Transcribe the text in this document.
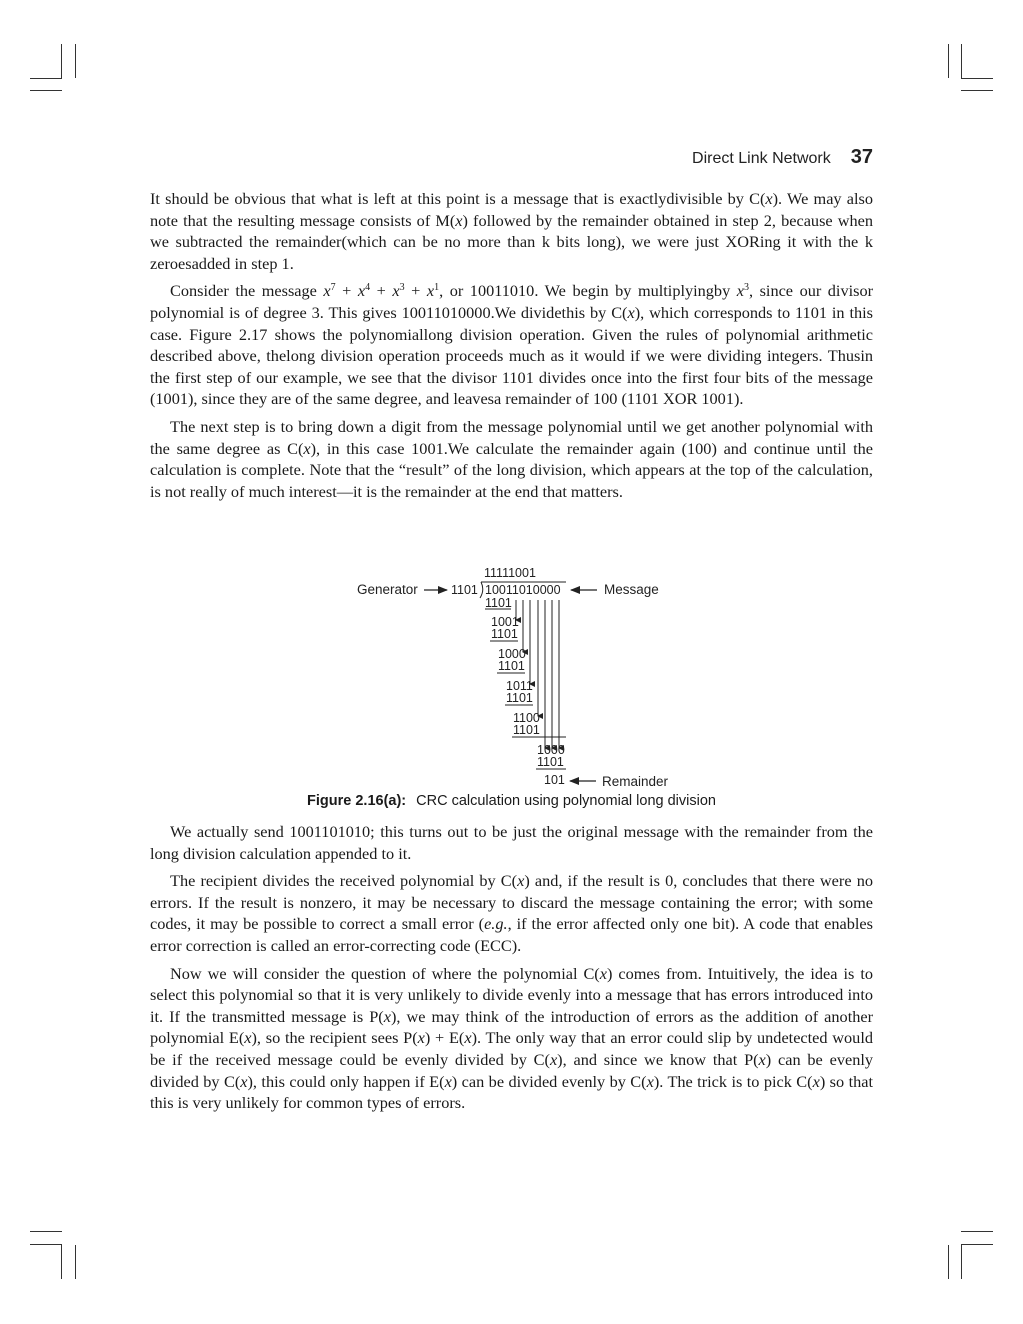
Direct Link Network 37

It should be obvious that what is left at this point is a message that is exactlydivisible by C(x). We may also note that the resulting message consists of M(x) followed by the remainder obtained in step 2, because when we subtracted the remainder(which can be no more than k bits long), we were just XORing it with the k zeroesadded in step 1.

Consider the message $x^7 + x^4 + x^3 + x^1$, or 10011010. We begin by multiplyingby $x^3$, since our divisor polynomial is of degree 3. This gives 10011010000.We dividethis by C(x), which corresponds to 1101 in this case. Figure 2.17 shows the polynomiallong division operation. Given the rules of polynomial arithmetic described above, thelong division operation proceeds much as it would if we were dividing integers. Thusin the first step of our example, we see that the divisor 1101 divides once into the first four bits of the message (1001), since they are of the same degree, and leavesa remainder of 100 (1101 XOR 1001).

The next step is to bring down a digit from the message polynomial until we get another polynomial with the same degree as C(x), in this case 1001.We calculate the remainder again (100) and continue until the calculation is complete. Note that the “result” of the long division, which appears at the top of the calculation, is not really of much interest—it is the remainder at the end that matters.

11111001
Generator	1101 10011010000	Message
1101
1001
1101
1000
1101
1011
1101
1100
1101
1000
1101
101	Remainder
Figure 2.16(a): CRC calculation using polynomial long division

We actually send 1001101010; this turns out to be just the original message with the remainder from the long division calculation appended to it.

The recipient divides the received polynomial by C(x) and, if the result is 0, concludes that there were no errors. If the result is nonzero, it may be necessary to discard the message containing the error; with some codes, it may be possible to correct a small error (e.g., if the error affected only one bit). A code that enables error correction is called an error-correcting code (ECC).

Now we will consider the question of where the polynomial C(x) comes from. Intuitively, the idea is to select this polynomial so that it is very unlikely to divide evenly into a message that has errors introduced into it. If the transmitted message is P(x), we may think of the introduction of errors as the addition of another polynomial E(x), so the recipient sees P(x) + E(x). The only way that an error could slip by undetected would be if the received message could be evenly divided by C(x), and since we know that P(x) can be evenly divided by C(x), this could only happen if E(x) can be divided evenly by C(x). The trick is to pick C(x) so that this is very unlikely for common types of errors.
